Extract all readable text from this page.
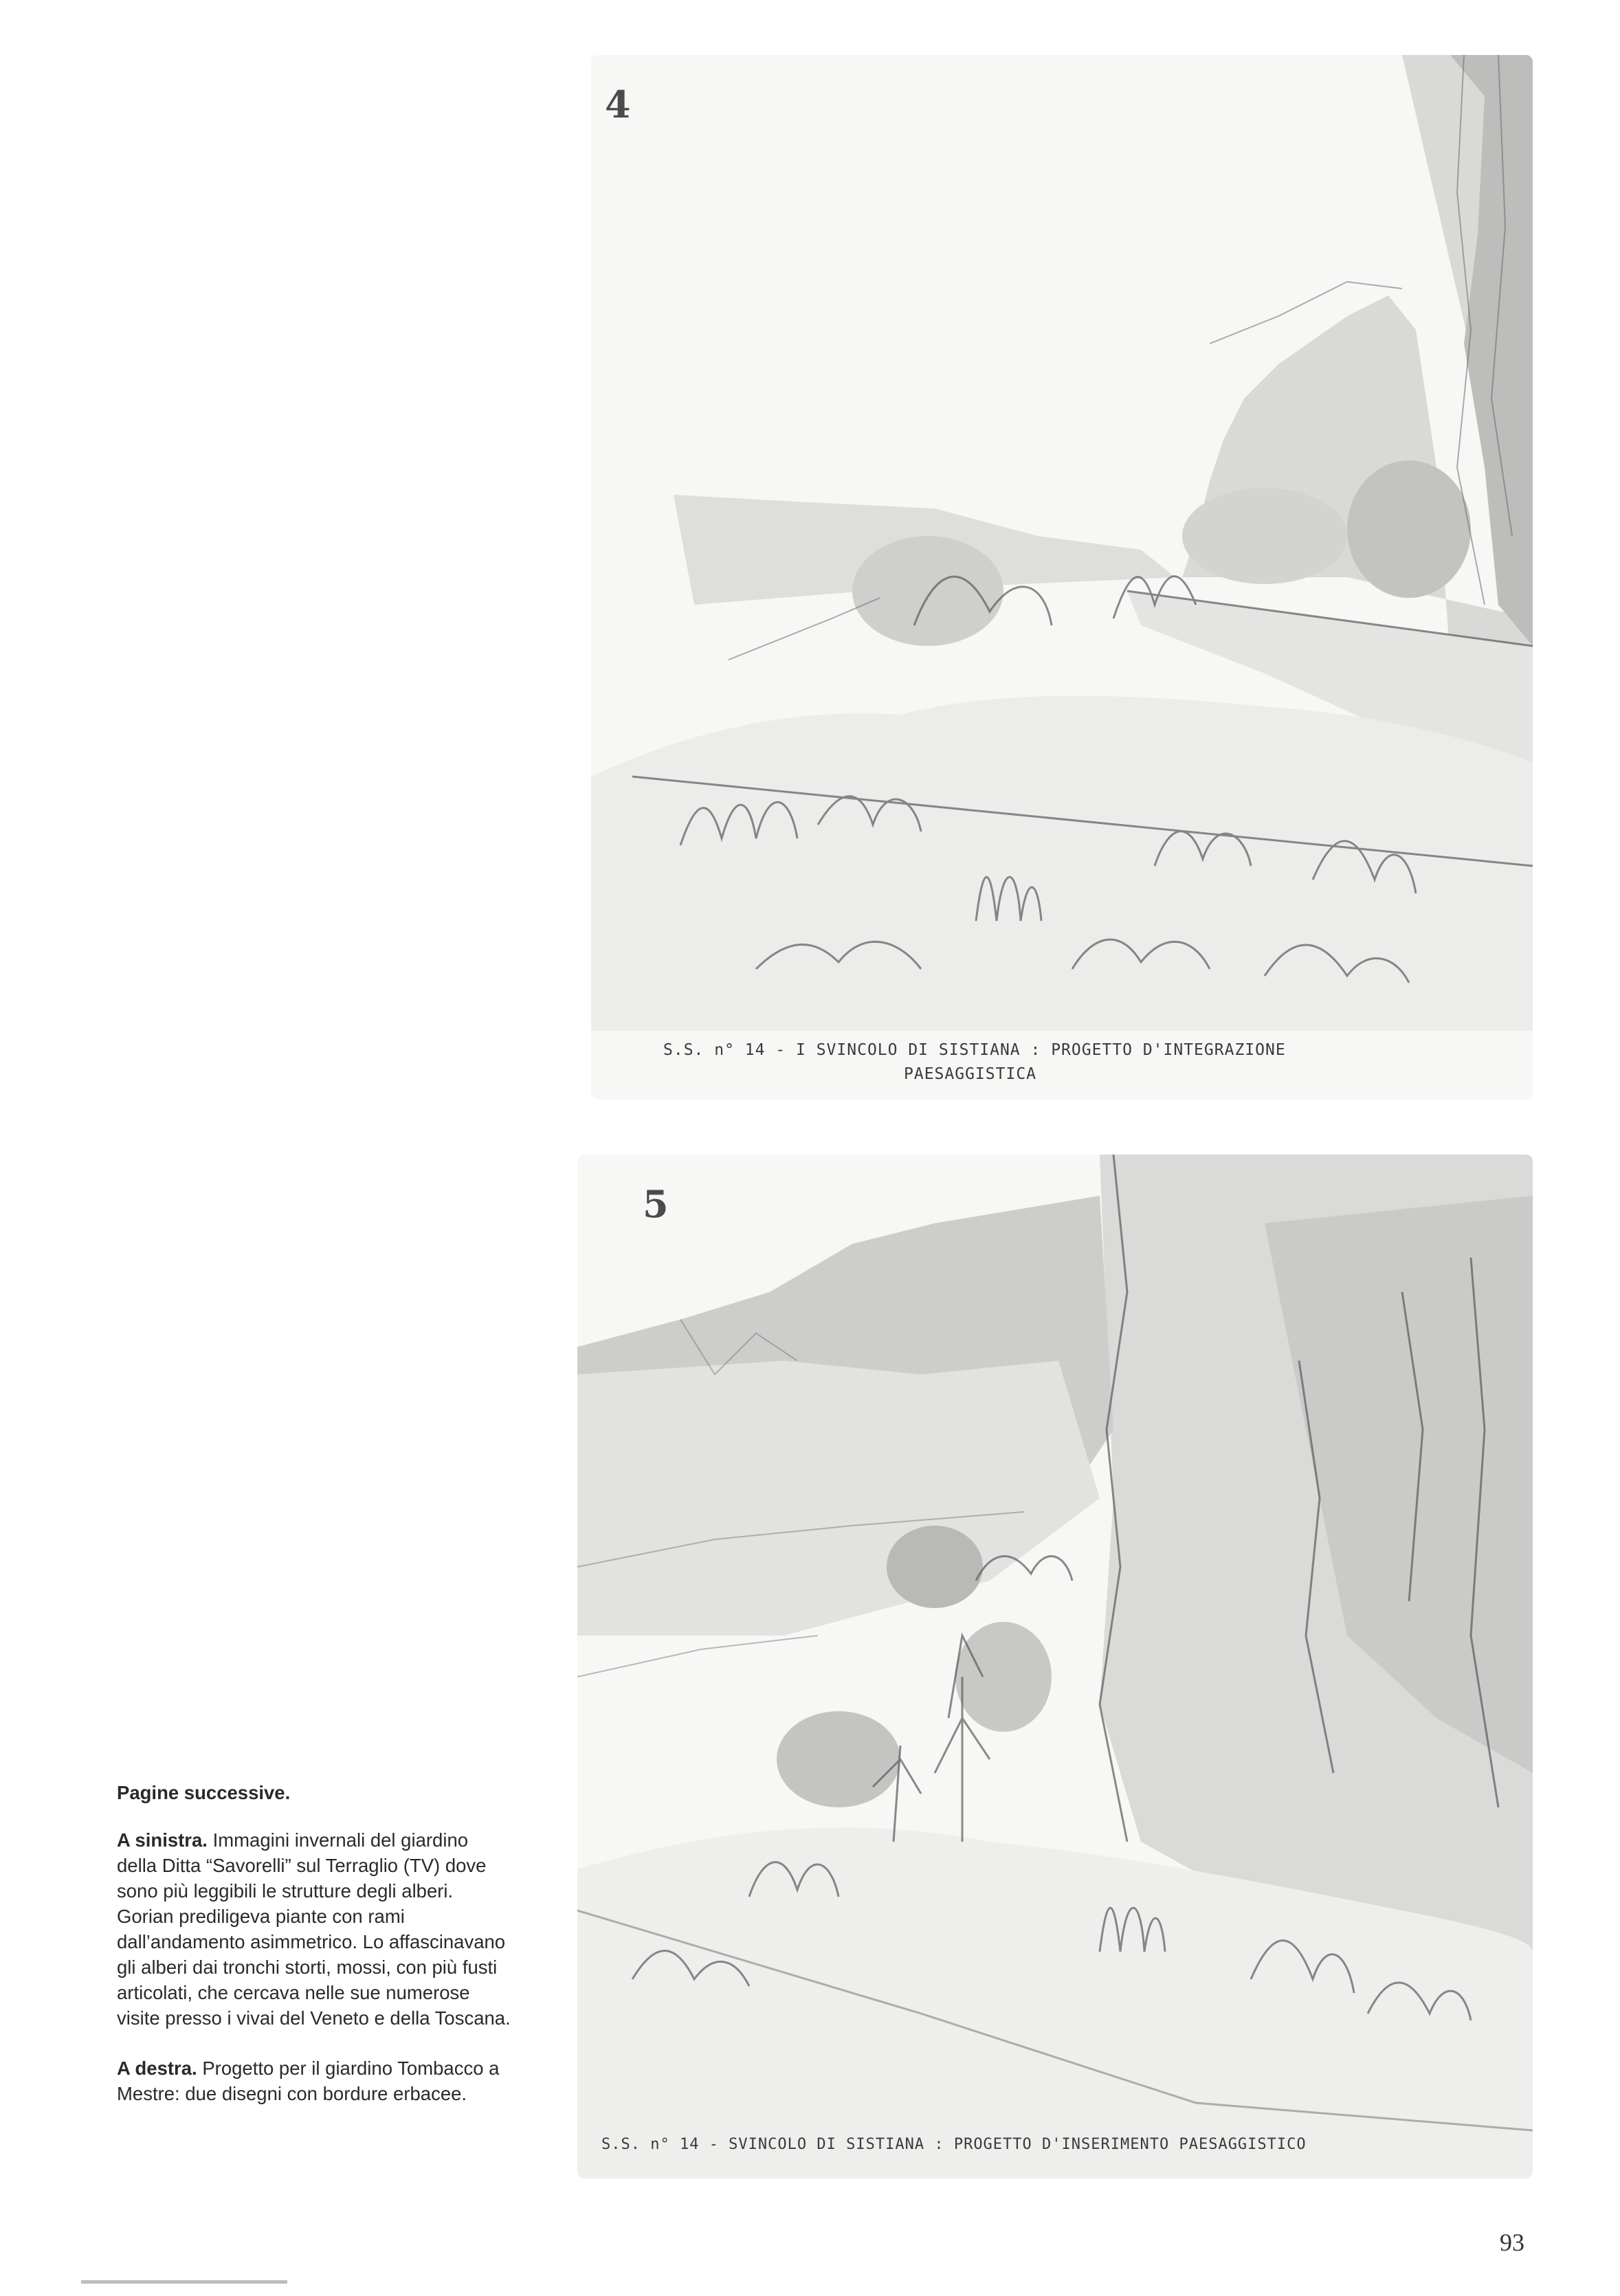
4
S.S. n° 14 - I SVINCOLO DI SISTIANA : PROGETTO D'INTEGRAZIONE
PAESAGGISTICA
5
S.S. n° 14 - SVINCOLO DI SISTIANA : PROGETTO D'INSERIMENTO PAESAGGISTICO

Pagine successive.

A sinistra. Immagini invernali del giardino della Ditta “Savorelli” sul Terraglio (TV) dove sono più leggibili le strutture degli alberi. Gorian prediligeva piante con rami dall’andamento asimmetrico. Lo affascinavano gli alberi dai tronchi storti, mossi, con più fusti articolati, che cercava nelle sue numerose visite presso i vivai del Veneto e della Toscana.

A destra. Progetto per il giardino Tombacco a Mestre: due disegni con bordure erbacee.

93
